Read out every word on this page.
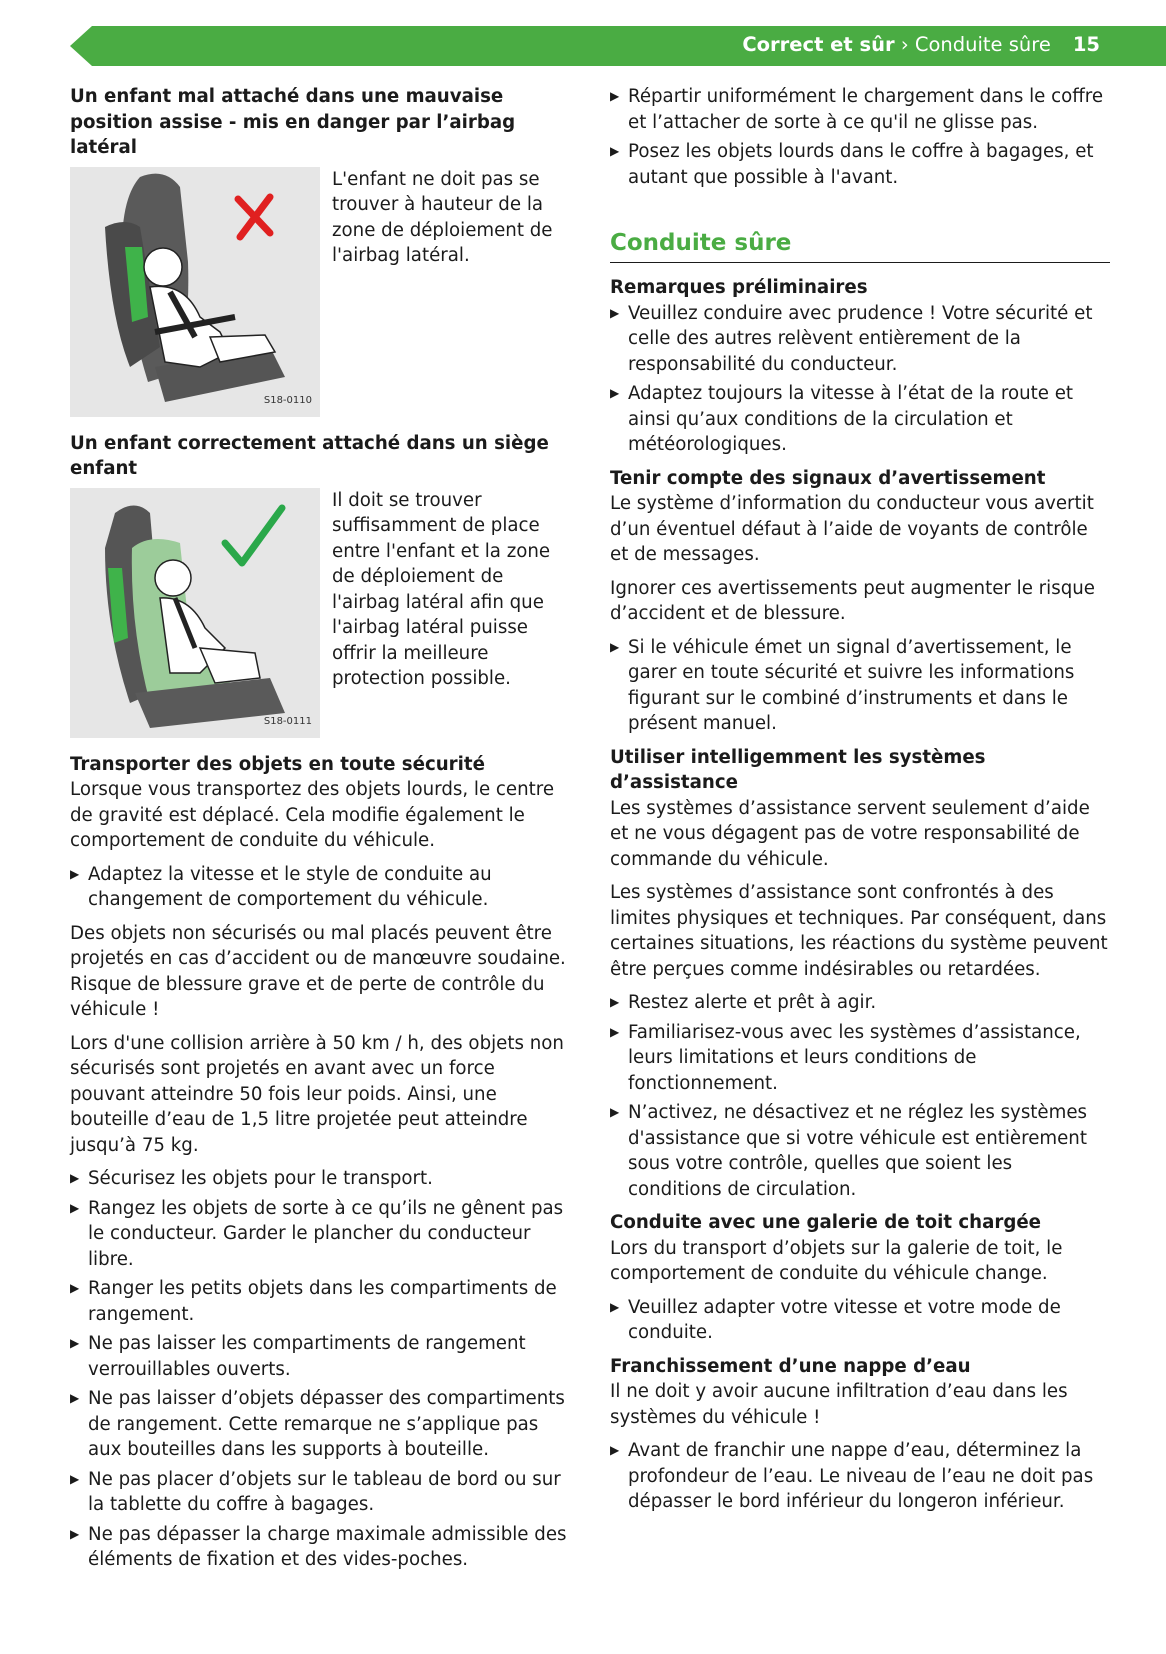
Correct et sûr › Conduite sûre 15
Un enfant mal attaché dans une mauvaise position assise - mis en danger par l’airbag latéral
S18-0110
L'enfant ne doit pas se trouver à hauteur de la zone de déploiement de l'airbag latéral.
Un enfant correctement attaché dans un siège enfant
S18-0111
Il doit se trouver suffisamment de place entre l'enfant et la zone de déploiement de l'airbag latéral afin que l'airbag latéral puisse offrir la meilleure protection possible.
Transporter des objets en toute sécurité

Lorsque vous transportez des objets lourds, le centre de gravité est déplacé. Cela modifie également le comportement de conduite du véhicule.

▶ Adaptez la vitesse et le style de conduite au changement de comportement du véhicule.

Des objets non sécurisés ou mal placés peuvent être projetés en cas d’accident ou de manœuvre soudaine. Risque de blessure grave et de perte de contrôle du véhicule !

Lors d'une collision arrière à 50 km / h, des objets non sécurisés sont projetés en avant avec un force pouvant atteindre 50 fois leur poids. Ainsi, une bouteille d’eau de 1,5 litre projetée peut atteindre jusqu’à 75 kg.

▶ Sécurisez les objets pour le transport.
▶ Rangez les objets de sorte à ce qu’ils ne gênent pas le conducteur. Garder le plancher du conducteur libre.
▶ Ranger les petits objets dans les compartiments de rangement.
▶ Ne pas laisser les compartiments de rangement verrouillables ouverts.
▶ Ne pas laisser d’objets dépasser des compartiments de rangement. Cette remarque ne s’applique pas aux bouteilles dans les supports à bouteille.
▶ Ne pas placer d’objets sur le tableau de bord ou sur la tablette du coffre à bagages.
▶ Ne pas dépasser la charge maximale admissible des éléments de fixation et des vides-poches.
▶ Répartir uniformément le chargement dans le coffre et l’attacher de sorte à ce qu'il ne glisse pas.
▶ Posez les objets lourds dans le coffre à bagages, et autant que possible à l'avant.
Conduite sûre
Remarques préliminaires
▶ Veuillez conduire avec prudence ! Votre sécurité et celle des autres relèvent entièrement de la responsabilité du conducteur.
▶ Adaptez toujours la vitesse à l’état de la route et ainsi qu’aux conditions de la circulation et météorologiques.
Tenir compte des signaux d’avertissement

Le système d’information du conducteur vous avertit d’un éventuel défaut à l’aide de voyants de contrôle et de messages.

Ignorer ces avertissements peut augmenter le risque d’accident et de blessure.

▶ Si le véhicule émet un signal d’avertissement, le garer en toute sécurité et suivre les informations figurant sur le combiné d’instruments et dans le présent manuel.
Utiliser intelligemment les systèmes d’assistance

Les systèmes d’assistance servent seulement d’aide et ne vous dégagent pas de votre responsabilité de commande du véhicule.

Les systèmes d’assistance sont confrontés à des limites physiques et techniques. Par conséquent, dans certaines situations, les réactions du système peuvent être perçues comme indésirables ou retardées.

▶ Restez alerte et prêt à agir.
▶ Familiarisez-vous avec les systèmes d’assistance, leurs limitations et leurs conditions de fonctionnement.
▶ N’activez, ne désactivez et ne réglez les systèmes d'assistance que si votre véhicule est entièrement sous votre contrôle, quelles que soient les conditions de circulation.
Conduite avec une galerie de toit chargée

Lors du transport d’objets sur la galerie de toit, le comportement de conduite du véhicule change.

▶ Veuillez adapter votre vitesse et votre mode de conduite.
Franchissement d’une nappe d’eau

Il ne doit y avoir aucune infiltration d’eau dans les systèmes du véhicule !

▶ Avant de franchir une nappe d’eau, déterminez la profondeur de l’eau. Le niveau de l’eau ne doit pas dépasser le bord inférieur du longeron inférieur.
